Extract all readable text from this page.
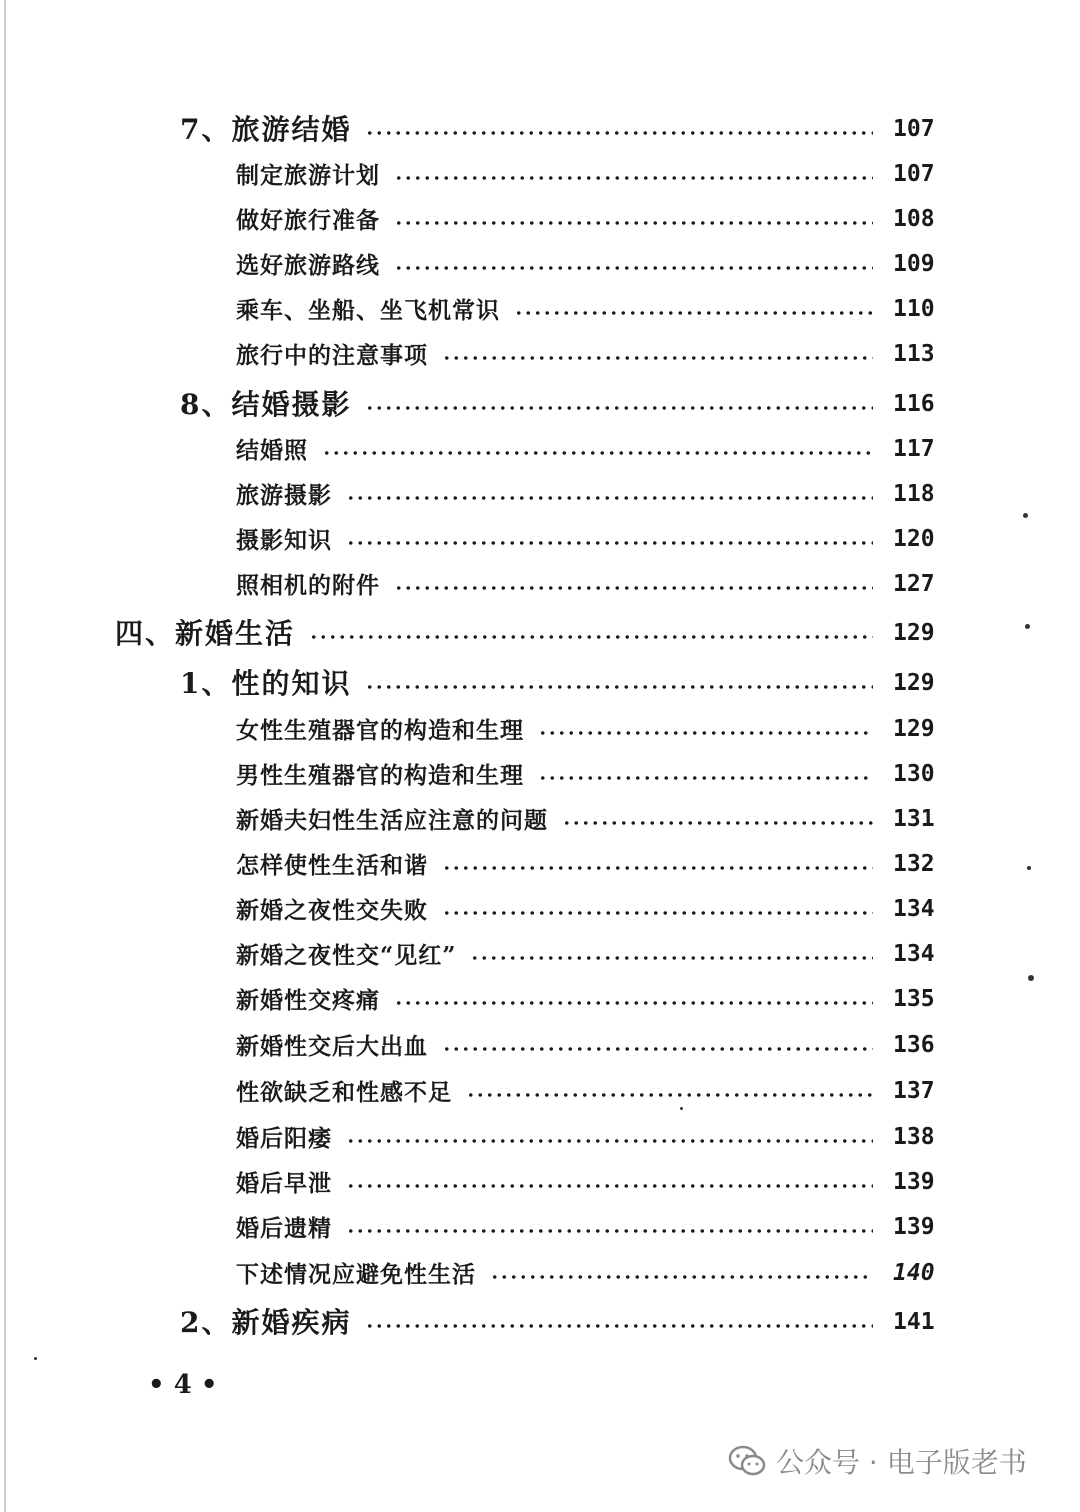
7、旅游结婚	107
制定旅游计划	107
做好旅行准备	108
选好旅游路线	109
乘车、坐船、坐飞机常识	110
旅行中的注意事项	113
8、结婚摄影	116
结婚照	117
旅游摄影	118
摄影知识	120
照相机的附件	127
四、新婚生活	129
1、性的知识	129
女性生殖器官的构造和生理	129
男性生殖器官的构造和生理	130
新婚夫妇性生活应注意的问题	131
怎样使性生活和谐	132
新婚之夜性交失败	134
新婚之夜性交“见红”	134
新婚性交疼痛	135
新婚性交后大出血	136
性欲缺乏和性感不足	137
婚后阳痿	138
婚后早泄	139
婚后遗精	139
下述情况应避免性生活	140
2、新婚疾病	141
• 4 •
公众号 · 电子版老书
